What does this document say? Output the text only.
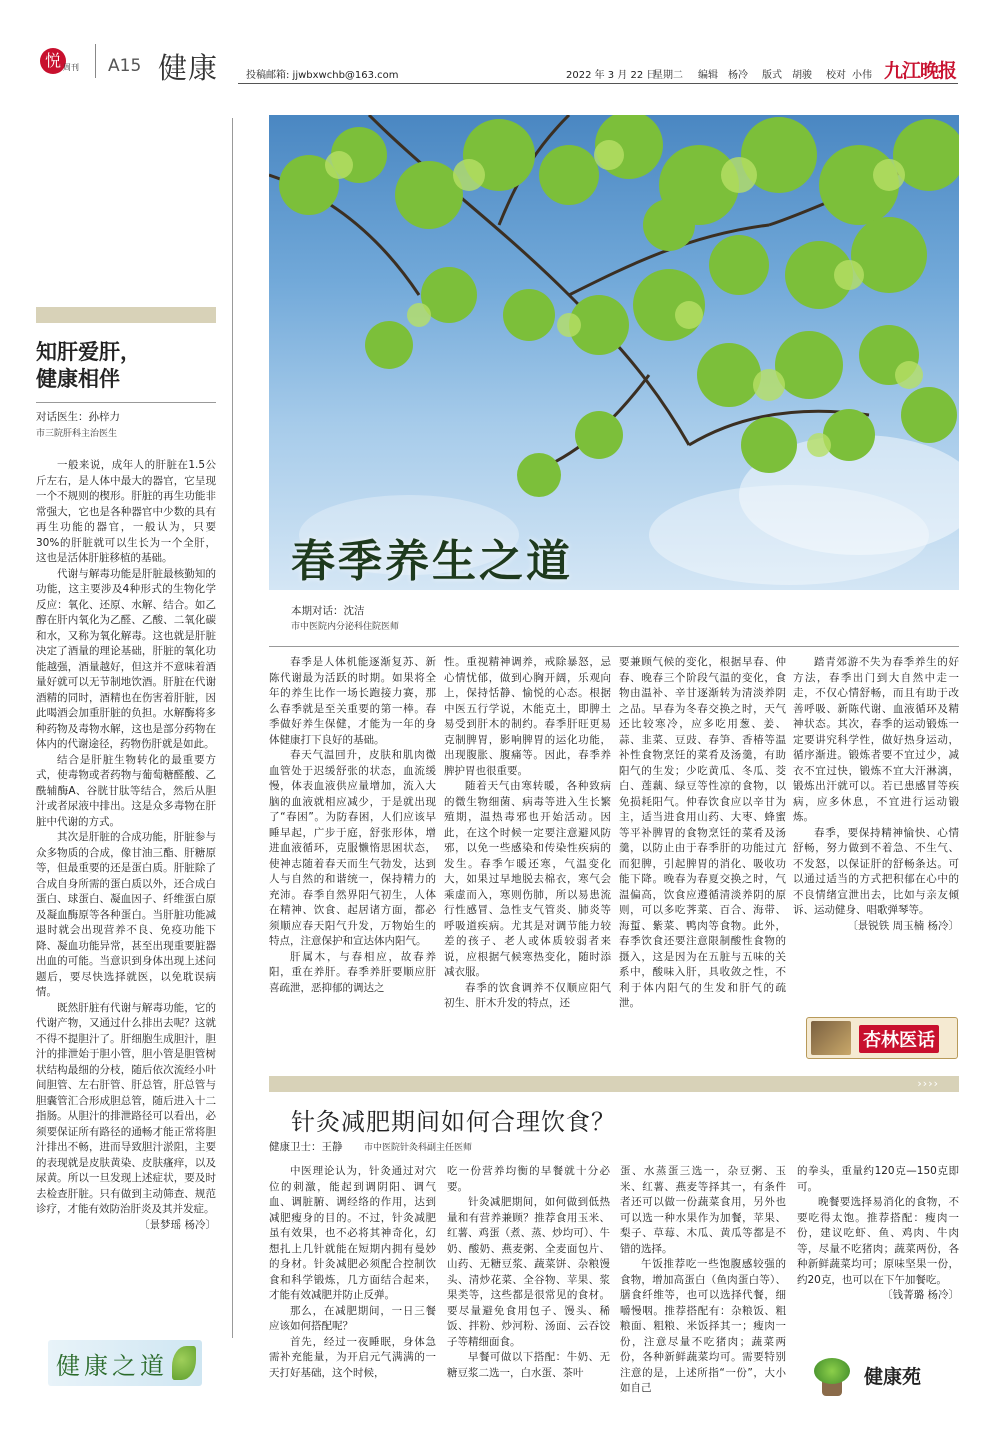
悦 周刊 A15 健康	投稿邮箱: jjwbxwchb@163.com	2022 年 3 月 22 日
星期二 编辑 杨冷 版式 胡骏 校对 小伟 九江晚报
知肝爱肝，
健康相伴
对话医生：孙梓力
市三院肝科主治医生

一般来说，成年人的肝脏在1.5公斤左右，是人体中最大的器官，它呈现一个不规则的楔形。肝脏的再生功能非常强大，它也是各种器官中少数的具有再生功能的器官，一般认为，只要30%的肝脏就可以生长为一个全肝，这也是活体肝脏移植的基础。

代谢与解毒功能是肝脏最核勤知的功能，这主要涉及4种形式的生物化学反应：氧化、还原、水解、结合。如乙醇在肝内氧化为乙醛、乙酸、二氧化碳和水，又称为氧化解毒。这也就是肝脏决定了酒量的理论基础，肝脏的氧化功能越强，酒量越好，但这并不意味着酒量好就可以无节制地饮酒。肝脏在代谢酒精的同时，酒精也在伤害着肝脏，因此喝酒会加重肝脏的负担。水解酶将多种药物及毒物水解，这也是部分药物在体内的代谢途径，药物伤肝就是如此。

结合是肝脏生物转化的最重要方式，使毒物或者药物与葡萄糖醛酸、乙酰辅酶A、谷胱甘肽等结合，然后从胆汁或者尿液中排出。这是众多毒物在肝脏中代谢的方式。

其次是肝脏的合成功能，肝脏参与众多物质的合成，像甘油三酯、肝糖原等，但最重要的还是蛋白质。肝脏除了合成自身所需的蛋白质以外，还合成白蛋白、球蛋白、凝血因子、纤维蛋白原及凝血酶原等各种蛋白。当肝脏功能减退时就会出现营养不良、免疫功能下降、凝血功能异常，甚至出现重要脏器出血的可能。当意识到身体出现上述问题后，要尽快选择就医，以免耽误病情。

既然肝脏有代谢与解毒功能，它的代谢产物，又通过什么排出去呢？这就不得不提胆汁了。肝细胞生成胆汁，胆汁的排泄始于胆小管，胆小管是胆管树状结构最细的分枝，随后依次流经小叶间胆管、左右肝管、肝总管，肝总管与胆囊管汇合形成胆总管，随后进入十二指肠。从胆汁的排泄路径可以看出，必须要保证所有路径的通畅才能正常将胆汁排出不畅，进而导致胆汁淤阻，主要的表现就是皮肤黄染、皮肤瘙痒，以及尿黄。所以一旦发现上述症状，要及时去检查肝脏。只有做到主动筛查、规范诊疗，才能有效防治肝炎及其并发症。

〔景梦瑶 杨冷〕
健康之道
春季养生之道
本期对话：沈洁
市中医院内分泌科住院医师

春季是人体机能逐渐复苏、新陈代谢最为活跃的时期。如果将全年的养生比作一场长跑接力赛，那么春季就是至关重要的第一棒。春季做好养生保健，才能为一年的身体健康打下良好的基础。

春天气温回升，皮肤和肌肉微血管处于迟缓舒张的状态，血流缓慢，体表血液供应量增加，流入大脑的血液就相应减少，于是就出现了“春困”。为防春困，人们应该早睡早起，广步于庭，舒张形体，增进血液循环，克服懒惰思困状态，使神志随着春天而生气勃发，达到人与自然的和谐统一，保持精力的充沛。春季自然界阳气初生，人体在精神、饮食、起居诸方面，都必须顺应春天阳气升发，万物始生的特点，注意保护和宣达体内阳气。

肝属木，与春相应，故春养阳，重在养肝。春季养肝要顺应肝喜疏泄，恶抑郁的调达之

性。重视精神调养，戒除暴怒，忌心情忧郁，做到心胸开阔，乐观向上，保持恬静、愉悦的心态。根据中医五行学说，木能克土，即脾土易受到肝木的制约。春季肝旺更易克制脾胃，影响脾胃的运化功能，出现腹胀、腹痛等。因此，春季养脾护胃也很重要。

随着天气由寒转暖，各种致病的微生物细菌、病毒等进入生长繁殖期，温热毒邪也开始活动。因此，在这个时候一定要注意避风防邪，以免一些感染和传染性疾病的发生。春季乍暖还寒，气温变化大，如果过早地脱去棉衣，寒气会乘虚而入，寒则伤肺，所以易患流行性感冒、急性支气管炎、肺炎等呼吸道疾病。尤其是对调节能力较差的孩子、老人或体质较弱者来说，应根据气候寒热变化，随时添减衣服。

春季的饮食调养不仅顺应阳气初生、肝木升发的特点，还

要兼顾气候的变化，根据早春、仲春、晚春三个阶段气温的变化，食物由温补、辛甘逐渐转为清淡养阴之品。早春为冬春交换之时，天气还比较寒冷，应多吃用葱、姜、蒜、韭菜、豆豉、春笋、香椿等温补性食物烹饪的菜肴及汤羹，有助阳气的生发；少吃黄瓜、冬瓜、茭白、莲藕、绿豆等性凉的食物，以免损耗阳气。仲春饮食应以辛甘为主，适当进食用山药、大枣、蜂蜜等平补脾胃的食物烹饪的菜肴及汤羹，以防止由于春季肝的功能过亢而犯脾，引起脾胃的消化、吸收功能下降。晚春为春夏交换之时，气温偏高，饮食应遵循清淡养阴的原则，可以多吃荠菜、百合、海带、海蜇、紫菜、鸭肉等食物。此外，春季饮食还要注意限制酸性食物的摄入，这是因为在五脏与五味的关系中，酸味入肝，具收敛之性，不利于体内阳气的生发和肝气的疏泄。

踏青郊游不失为春季养生的好方法，春季出门到大自然中走一走，不仅心情舒畅，而且有助于改善呼吸、新陈代谢、血液循环及精神状态。其次，春季的运动锻炼一定要讲究科学性，做好热身运动，循序渐进。锻炼者要不宜过少，减衣不宜过快，锻炼不宜大汗淋漓，锻炼出汗就可以。若已患感冒等疾病，应多休息，不宜进行运动锻炼。

春季，要保持精神愉快、心情舒畅，努力做到不着急、不生气、不发怒，以保证肝的舒畅条达。可以通过适当的方式把积郁在心中的不良情绪宣泄出去，比如与亲友倾诉、运动健身、唱歌弹琴等。

〔景锐铁 周玉楠 杨冷〕
杏林医话
››››
针灸减肥期间如何合理饮食？
健康卫士：王静 市中医院针灸科副主任医师

中医理论认为，针灸通过对穴位的刺激，能起到调阴阳、调气血、调脏腑、调经络的作用，达到减肥瘦身的目的。不过，针灸减肥虽有效果，也不必将其神奇化，幻想扎上几针就能在短期内拥有曼妙的身材。针灸减肥必须配合控制饮食和科学锻炼，几方面结合起来，才能有效减肥并防止反弹。

那么，在减肥期间，一日三餐应该如何搭配呢？

首先，经过一夜睡眠，身体急需补充能量，为开启元气满满的一天打好基础，这个时候，

吃一份营养均衡的早餐就十分必要。

针灸减肥期间，如何做到低热量和有营养兼顾？推荐食用玉米、红薯、鸡蛋（煮、蒸、炒均可）、牛奶、酸奶、燕麦粥、全麦面包片、山药、无糖豆浆、蔬菜饼、杂粮馒头、清炒花菜、全谷物、苹果、浆果类等，这些都是很常见的食材。要尽量避免食用包子、馒头、稀饭、拌粉、炒河粉、汤面、云吞饺子等精细面食。

早餐可做以下搭配：牛奶、无糖豆浆二选一，白水蛋、茶叶

蛋、水蒸蛋三选一，杂豆粥、玉米、红薯、燕麦等择其一，有条件者还可以做一份蔬菜食用，另外也可以选一种水果作为加餐，苹果、梨子、草莓、木瓜、黄瓜等都是不错的选择。

午饭推荐吃一些饱腹感较强的食物，增加高蛋白（鱼肉蛋白等）、膳食纤维等，也可以选择代餐，细嚼慢咽。推荐搭配有：杂粮饭、粗粮面、粗粮、米饭择其一；瘦肉一份，注意尽量不吃猪肉；蔬菜两份，各种新鲜蔬菜均可。需要特别注意的是，上述所指“一份”，大小如自己

的拳头，重量约120克—150克即可。

晚餐要选择易消化的食物，不要吃得太饱。推荐搭配：瘦肉一份，建议吃虾、鱼、鸡肉、牛肉等，尽量不吃猪肉；蔬菜两份，各种新鲜蔬菜均可；原味坚果一份，约20克，也可以在下午加餐吃。

〔钱菁璐 杨冷〕
健康苑
